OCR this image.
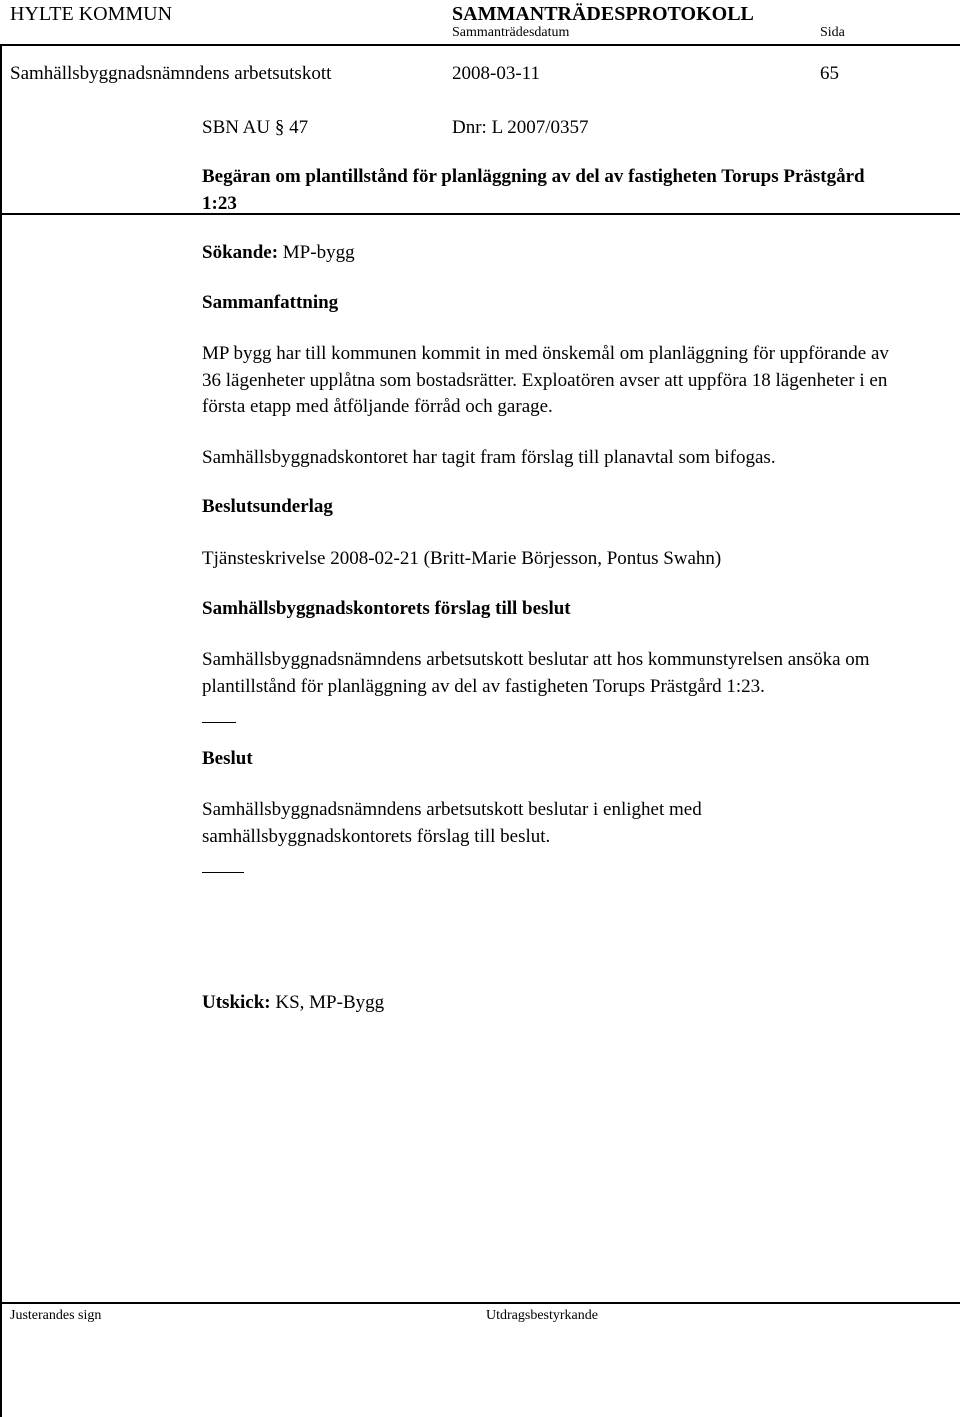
HYLTE KOMMUN	SAMMANTRÄDESPROTOKOLL
Sammanträdesdatum	Sida
Samhällsbyggnadsnämndens arbetsutskott	2008-03-11	65
SBN AU § 47	Dnr: L 2007/0357
Begäran om plantillstånd för planläggning av del av fastigheten Torups Prästgård 1:23
Sökande: MP-bygg
Sammanfattning
MP bygg har till kommunen kommit in med önskemål om planläggning för uppförande av 36 lägenheter upplåtna som bostadsrätter. Exploatören avser att uppföra 18 lägenheter i en första etapp med åtföljande förråd och garage.
Samhällsbyggnadskontoret har tagit fram förslag till planavtal som bifogas.
Beslutsunderlag
Tjänsteskrivelse 2008-02-21 (Britt-Marie Börjesson, Pontus Swahn)
Samhällsbyggnadskontorets förslag till beslut
Samhällsbyggnadsnämndens arbetsutskott beslutar att hos kommunstyrelsen ansöka om plantillstånd för planläggning av del av fastigheten Torups Prästgård 1:23.
Beslut
Samhällsbyggnadsnämndens arbetsutskott beslutar i enlighet med samhällsbyggnadskontorets förslag till beslut.
Utskick: KS, MP-Bygg
Justerandes sign	Utdragsbestyrkande
